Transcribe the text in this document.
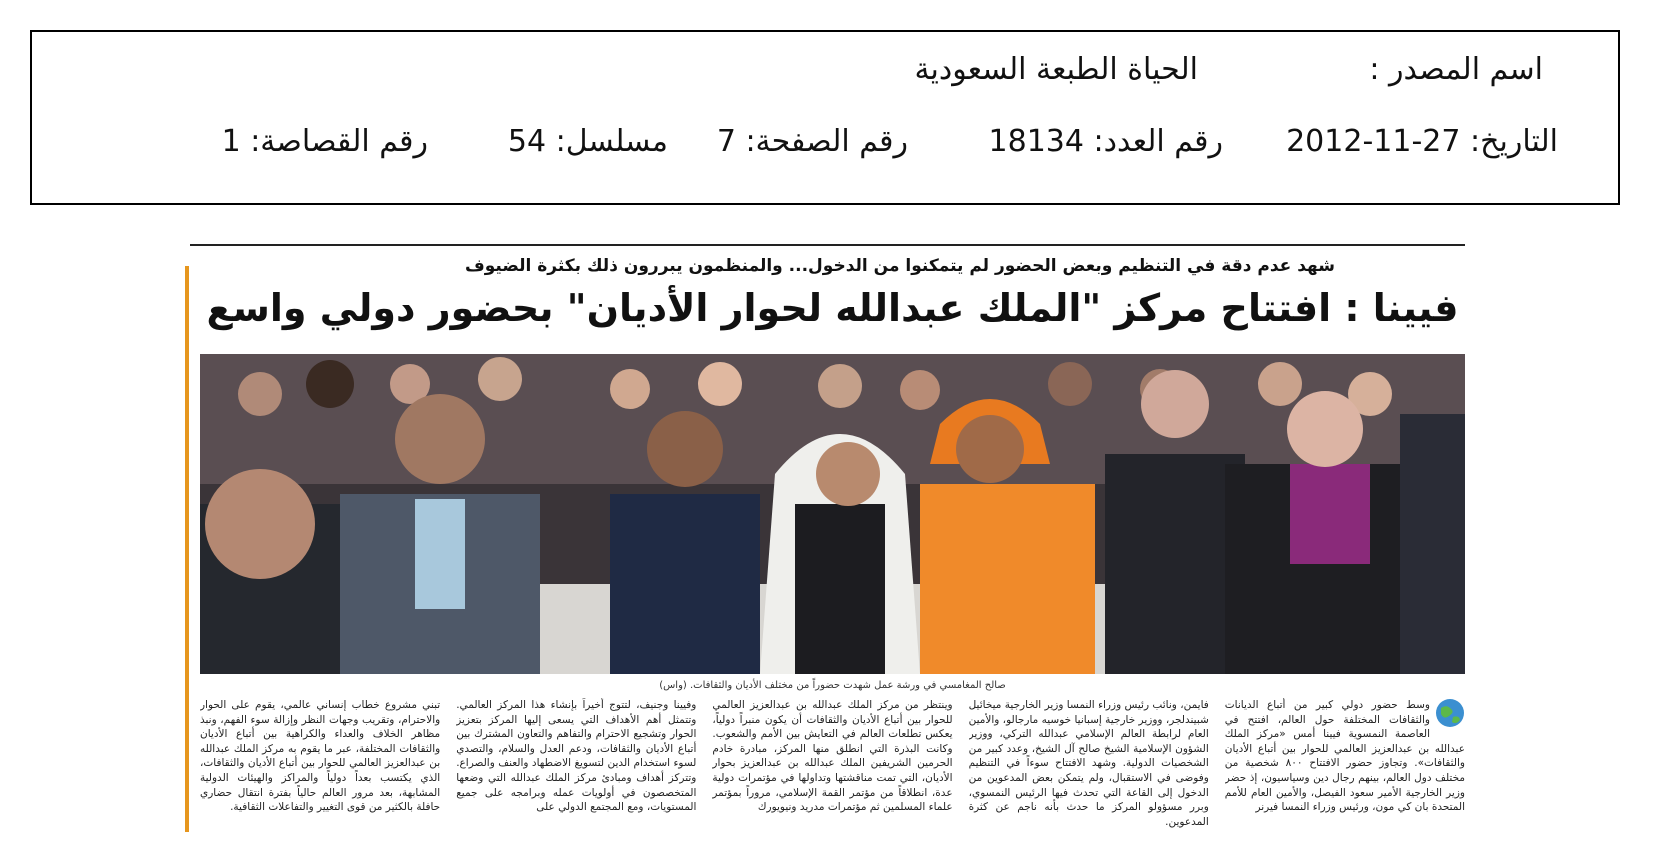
اسم المصدر :
الحياة الطبعة السعودية
التاريخ: 27-11-2012
رقم العدد: 18134
رقم الصفحة: 7
مسلسل: 54
رقم القصاصة: 1
شهد عدم دقة في التنظيم وبعض الحضور لم يتمكنوا من الدخول... والمنظمون يبررون ذلك بكثرة الضيوف
فيينا : افتتاح مركز "الملك عبدالله لحوار الأديان" بحضور دولي واسع
صالح المغامسي في ورشة عمل شهدت حضوراً من مختلف الأديان والثقافات. (واس)
وسط حضور دولي كبير من أتباع الديانات والثقافات المختلفة حول العالم، افتتح في العاصمة النمسوية فيينا أمس «مركز الملك عبدالله بن عبدالعزيز العالمي للحوار بين أتباع الأديان والثقافات». وتجاوز حضور الافتتاح ٨٠٠ شخصية من مختلف دول العالم، بينهم رجال دين وسياسيون، إذ حضر وزير الخارجية الأمير سعود الفيصل، والأمين العام للأمم المتحدة بان كي مون، ورئيس وزراء النمسا فيرنر
فايمن، ونائب رئيس وزراء النمسا وزير الخارجية ميخائيل شبيندلجر، ووزير خارجية إسبانيا خوسيه مارجالو، والأمين العام لرابطة العالم الإسلامي عبدالله التركي، ووزير الشؤون الإسلامية الشيخ صالح آل الشيخ، وعدد كبير من الشخصيات الدولية. وشهد الافتتاح سوءاً في التنظيم وفوضى في الاستقبال، ولم يتمكن بعض المدعوين من الدخول إلى القاعة التي تحدث فيها الرئيس النمسوي، وبرر مسؤولو المركز ما حدث بأنه ناجم عن كثرة المدعوين.
وينتظر من مركز الملك عبدالله بن عبدالعزيز العالمي للحوار بين أتباع الأديان والثقافات أن يكون منبراً دولياً، يعكس تطلعات العالم في التعايش بين الأمم والشعوب. وكانت البذرة التي انطلق منها المركز، مبادرة خادم الحرمين الشريفين الملك عبدالله بن عبدالعزيز بحوار الأديان، التي تمت مناقشتها وتداولها في مؤتمرات دولية عدة، انطلاقاً من مؤتمر القمة الإسلامي، مروراً بمؤتمر علماء المسلمين ثم مؤتمرات مدريد ونيويورك
وفيينا وجنيف، لتتوج أخيراً بإنشاء هذا المركز العالمي. وتتمثل أهم الأهداف التي يسعى إليها المركز بتعزيز الحوار وتشجيع الاحترام والتفاهم والتعاون المشترك بين أتباع الأديان والثقافات، ودعم العدل والسلام، والتصدي لسوء استخدام الدين لتسويغ الاضطهاد والعنف والصراع. وتتركز أهداف ومبادئ مركز الملك عبدالله التي وضعها المتخصصون في أولويات عمله وبرامجه على جميع المستويات، ومع المجتمع الدولي على
تبني مشروع خطاب إنساني عالمي، يقوم على الحوار والاحترام، وتقريب وجهات النظر وإزالة سوء الفهم، ونبذ مظاهر الخلاف والعداء والكراهية بين أتباع الأديان والثقافات المختلفة، عبر ما يقوم به مركز الملك عبدالله بن عبدالعزيز العالمي للحوار بين أتباع الأديان والثقافات، الذي يكتسب بعداً دولياً والمراكز والهيئات الدولية المشابهة، بعد مرور العالم حالياً بفترة انتقال حضاري حافلة بالكثير من قوى التغيير والتفاعلات الثقافية.
